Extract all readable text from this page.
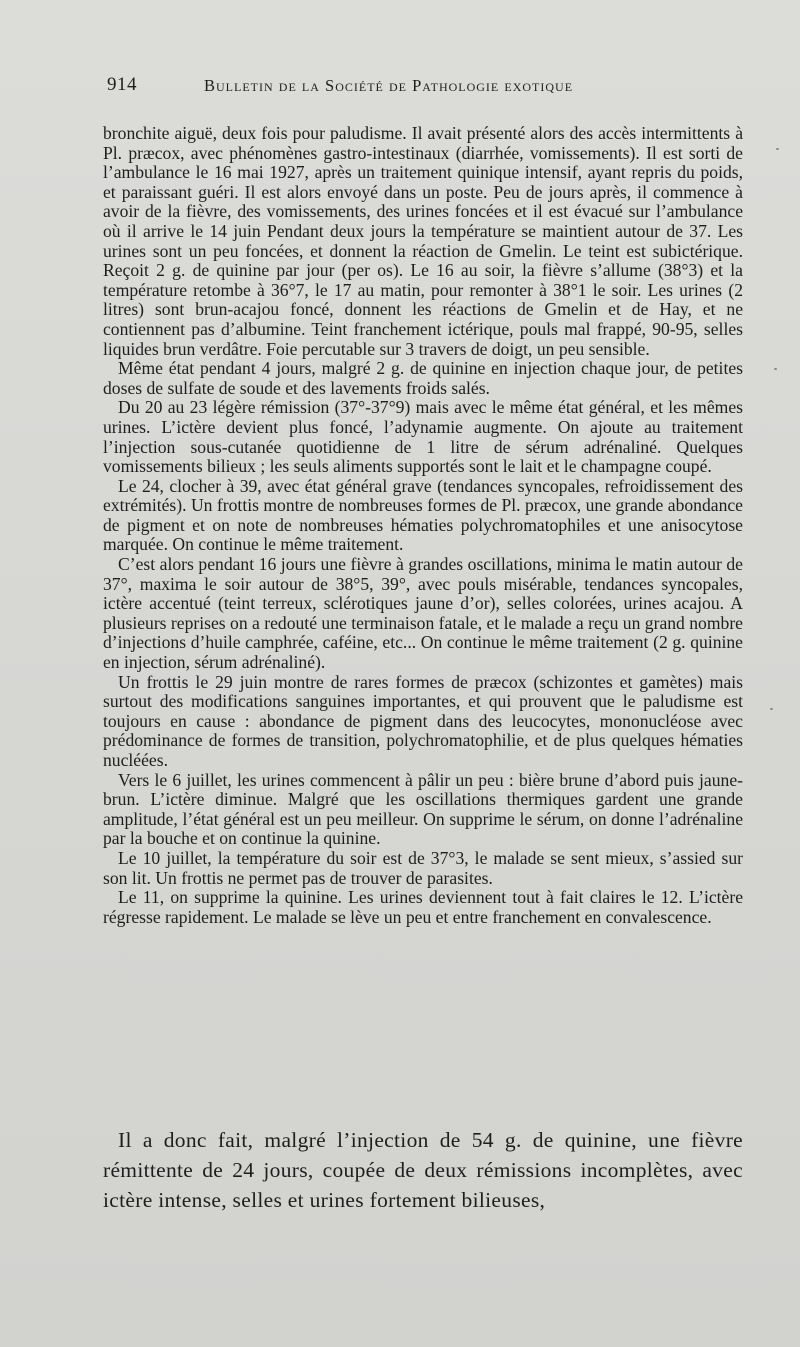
914	Bulletin de la Société de Pathologie exotique

bronchite aiguë, deux fois pour paludisme. Il avait présenté alors des accès intermittents à Pl. præcox, avec phénomènes gastro-intestinaux (diarrhée, vomissements). Il est sorti de l’ambulance le 16 mai 1927, après un traitement quinique intensif, ayant repris du poids, et paraissant guéri. Il est alors envoyé dans un poste. Peu de jours après, il commence à avoir de la fièvre, des vomissements, des urines foncées et il est évacué sur l’ambulance où il arrive le 14 juin Pendant deux jours la température se maintient autour de 37. Les urines sont un peu foncées, et donnent la réaction de Gmelin. Le teint est subictérique. Reçoit 2 g. de quinine par jour (per os). Le 16 au soir, la fièvre s’allume (38°3) et la température retombe à 36°7, le 17 au matin, pour remonter à 38°1 le soir. Les urines (2 litres) sont brun-acajou foncé, donnent les réactions de Gmelin et de Hay, et ne contiennent pas d’albumine. Teint franchement ictérique, pouls mal frappé, 90-95, selles liquides brun verdâtre. Foie percutable sur 3 travers de doigt, un peu sensible.

Même état pendant 4 jours, malgré 2 g. de quinine en injection chaque jour, de petites doses de sulfate de soude et des lavements froids salés.

Du 20 au 23 légère rémission (37°-37°9) mais avec le même état général, et les mêmes urines. L’ictère devient plus foncé, l’adynamie augmente. On ajoute au traitement l’injection sous-cutanée quotidienne de 1 litre de sérum adrénaliné. Quelques vomissements bilieux ; les seuls aliments supportés sont le lait et le champagne coupé.

Le 24, clocher à 39, avec état général grave (tendances syncopales, refroidissement des extrémités). Un frottis montre de nombreuses formes de Pl. præcox, une grande abondance de pigment et on note de nombreuses hématies polychromatophiles et une anisocytose marquée. On continue le même traitement.

C’est alors pendant 16 jours une fièvre à grandes oscillations, minima le matin autour de 37°, maxima le soir autour de 38°5, 39°, avec pouls misérable, tendances syncopales, ictère accentué (teint terreux, sclérotiques jaune d’or), selles colorées, urines acajou. A plusieurs reprises on a redouté une terminaison fatale, et le malade a reçu un grand nombre d’injections d’huile camphrée, caféine, etc... On continue le même traitement (2 g. quinine en injection, sérum adrénaliné).

Un frottis le 29 juin montre de rares formes de præcox (schizontes et gamètes) mais surtout des modifications sanguines importantes, et qui prouvent que le paludisme est toujours en cause : abondance de pigment dans des leucocytes, mononucléose avec prédominance de formes de transition, polychromatophilie, et de plus quelques hématies nucléées.

Vers le 6 juillet, les urines commencent à pâlir un peu : bière brune d’abord puis jaune-brun. L’ictère diminue. Malgré que les oscillations thermiques gardent une grande amplitude, l’état général est un peu meilleur. On supprime le sérum, on donne l’adrénaline par la bouche et on continue la quinine.

Le 10 juillet, la température du soir est de 37°3, le malade se sent mieux, s’assied sur son lit. Un frottis ne permet pas de trouver de parasites.

Le 11, on supprime la quinine. Les urines deviennent tout à fait claires le 12. L’ictère régresse rapidement. Le malade se lève un peu et entre franchement en convalescence.

Il a donc fait, malgré l’injection de 54 g. de quinine, une fièvre rémittente de 24 jours, coupée de deux rémissions incomplètes, avec ictère intense, selles et urines fortement bilieuses,
